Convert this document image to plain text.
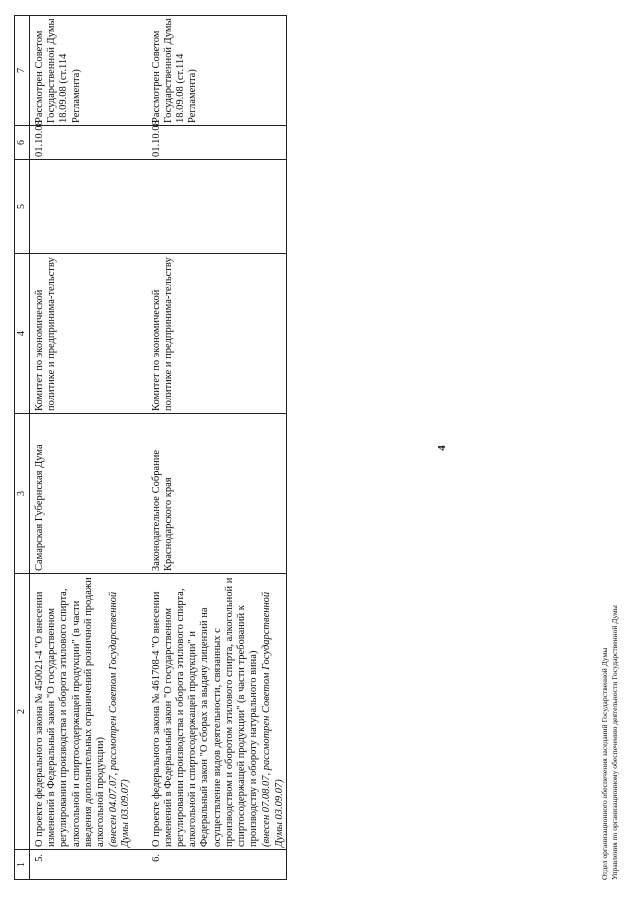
1	2	3	4	5	6	7
5.	О проекте федерального закона № 450021-4 "О внесении изменений в Федеральный закон "О государственном регулировании производства и оборота этилового спирта, алкогольной и спиртосодержащей продукции" (в части введения дополнительных ограничений розничной продажи алкогольной продукции) (внесен 04.07.07, рассмотрен Советом Государственной Думы 03.09.07)	Самарская Губернская Дума	Комитет по экономической политике и предпринима-тельству		01.10.08	Рассмотрен Советом Государственной Думы 18.09.08 (ст.114 Регламента)
6.	О проекте федерального закона № 461708-4 "О внесении изменений в Федеральный закон "О государственном регулировании производства и оборота этилового спирта, алкогольной и спиртосодержащей продукции" и Федеральный закон "О сборах за выдачу лицензий на осуществление видов деятельности, связанных с производством и оборотом этилового спирта, алкогольной и спиртосодержащей продукции" (в части требований к производству и обороту натурального вина) (внесен 07.08.07, рассмотрен Советом Государственной Думы 03.09.07)	Законодательное Собрание Краснодарского края	Комитет по экономической политике и предпринима-тельству		01.10.08	Рассмотрен Советом Государственной Думы 18.09.08 (ст.114 Регламента)
4
Отдел организационного обеспечения заседаний Государственной Думы Управления по организационному обеспечению деятельности Государственной Думы
